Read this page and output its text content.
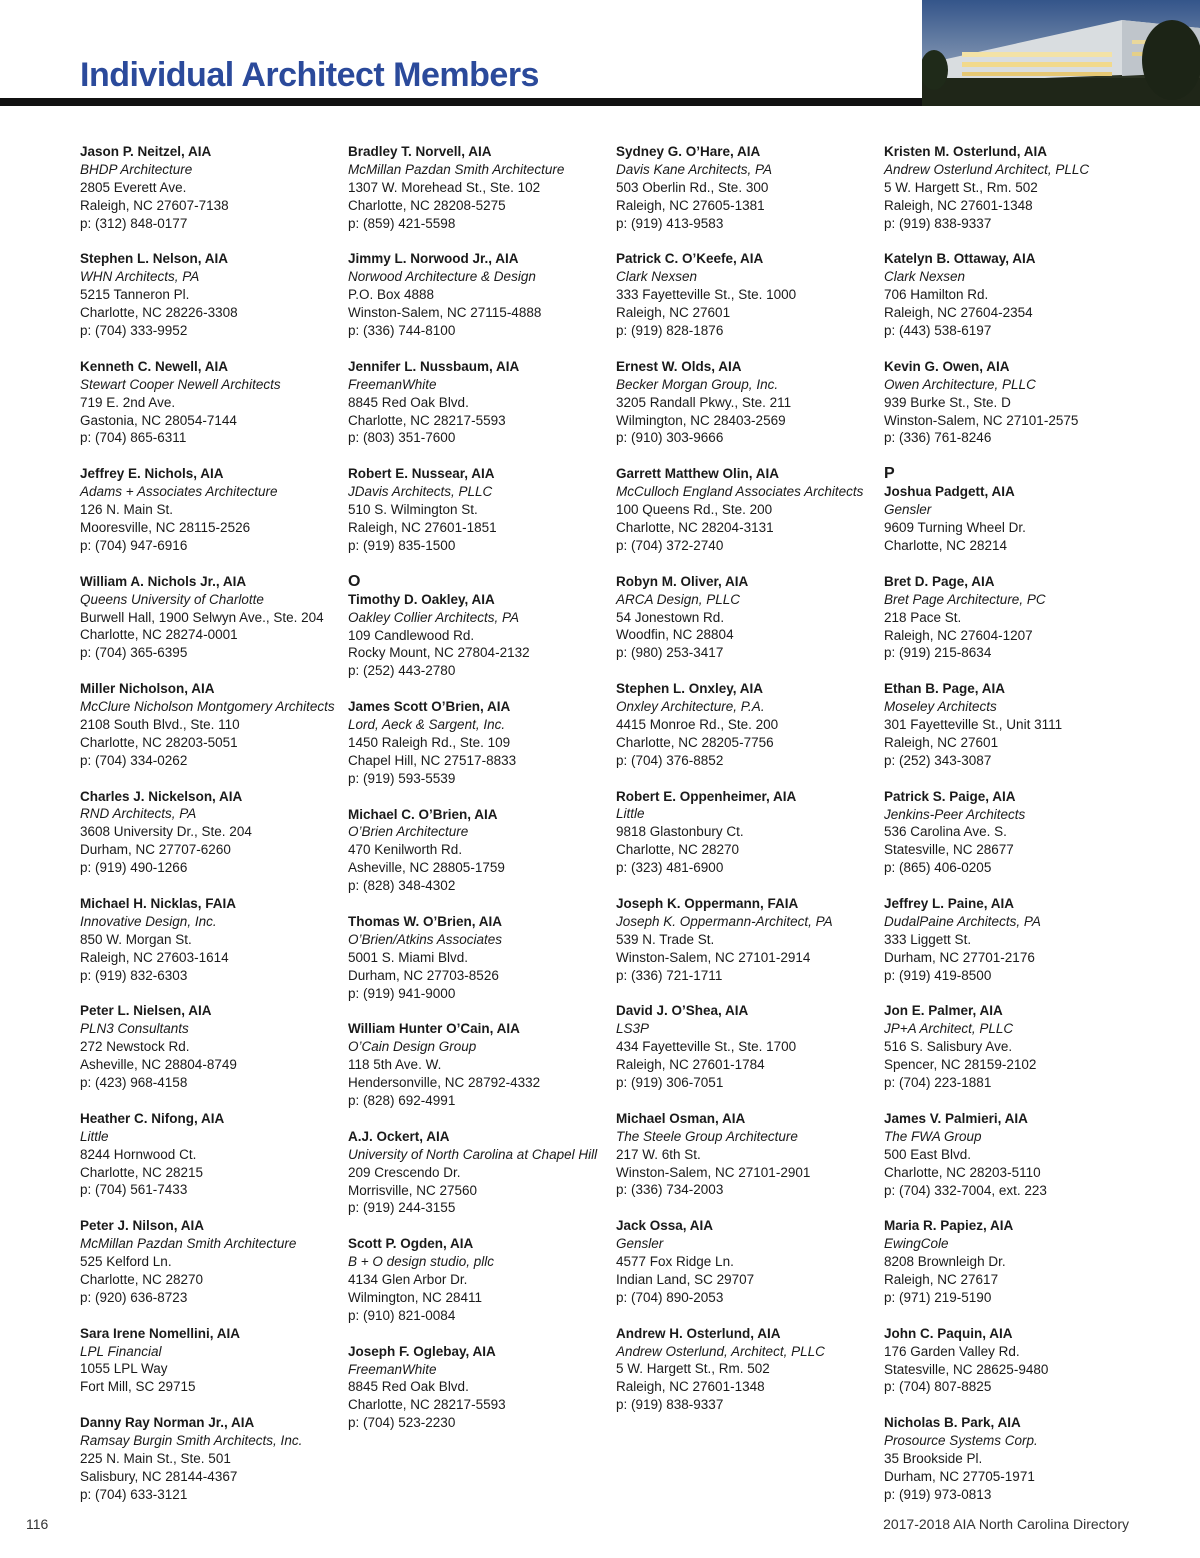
Individual Architect Members
Jason P. Neitzel, AIA
BHDP Architecture
2805 Everett Ave.
Raleigh, NC 27607-7138
p: (312) 848-0177
Stephen L. Nelson, AIA
WHN Architects, PA
5215 Tanneron Pl.
Charlotte, NC 28226-3308
p: (704) 333-9952
Kenneth C. Newell, AIA
Stewart Cooper Newell Architects
719 E. 2nd Ave.
Gastonia, NC 28054-7144
p: (704) 865-6311
Jeffrey E. Nichols, AIA
Adams + Associates Architecture
126 N. Main St.
Mooresville, NC 28115-2526
p: (704) 947-6916
William A. Nichols Jr., AIA
Queens University of Charlotte
Burwell Hall, 1900 Selwyn Ave., Ste. 204
Charlotte, NC 28274-0001
p: (704) 365-6395
Miller Nicholson, AIA
McClure Nicholson Montgomery Architects
2108 South Blvd., Ste. 110
Charlotte, NC 28203-5051
p: (704) 334-0262
Charles J. Nickelson, AIA
RND Architects, PA
3608 University Dr., Ste. 204
Durham, NC 27707-6260
p: (919) 490-1266
Michael H. Nicklas, FAIA
Innovative Design, Inc.
850 W. Morgan St.
Raleigh, NC 27603-1614
p: (919) 832-6303
Peter L. Nielsen, AIA
PLN3 Consultants
272 Newstock Rd.
Asheville, NC 28804-8749
p: (423) 968-4158
Heather C. Nifong, AIA
Little
8244 Hornwood Ct.
Charlotte, NC 28215
p: (704) 561-7433
Peter J. Nilson, AIA
McMillan Pazdan Smith Architecture
525 Kelford Ln.
Charlotte, NC 28270
p: (920) 636-8723
Sara Irene Nomellini, AIA
LPL Financial
1055 LPL Way
Fort Mill, SC 29715
Danny Ray Norman Jr., AIA
Ramsay Burgin Smith Architects, Inc.
225 N. Main St., Ste. 501
Salisbury, NC 28144-4367
p: (704) 633-3121
Bradley T. Norvell, AIA
McMillan Pazdan Smith Architecture
1307 W. Morehead St., Ste. 102
Charlotte, NC 28208-5275
p: (859) 421-5598
Jimmy L. Norwood Jr., AIA
Norwood Architecture & Design
P.O. Box 4888
Winston-Salem, NC 27115-4888
p: (336) 744-8100
Jennifer L. Nussbaum, AIA
FreemanWhite
8845 Red Oak Blvd.
Charlotte, NC 28217-5593
p: (803) 351-7600
Robert E. Nussear, AIA
JDavis Architects, PLLC
510 S. Wilmington St.
Raleigh, NC 27601-1851
p: (919) 835-1500
O
Timothy D. Oakley, AIA
Oakley Collier Architects, PA
109 Candlewood Rd.
Rocky Mount, NC 27804-2132
p: (252) 443-2780
James Scott O’Brien, AIA
Lord, Aeck & Sargent, Inc.
1450 Raleigh Rd., Ste. 109
Chapel Hill, NC 27517-8833
p: (919) 593-5539
Michael C. O’Brien, AIA
O’Brien Architecture
470 Kenilworth Rd.
Asheville, NC 28805-1759
p: (828) 348-4302
Thomas W. O’Brien, AIA
O’Brien/Atkins Associates
5001 S. Miami Blvd.
Durham, NC 27703-8526
p: (919) 941-9000
William Hunter O’Cain, AIA
O’Cain Design Group
118 5th Ave. W.
Hendersonville, NC 28792-4332
p: (828) 692-4991
A.J. Ockert, AIA
University of North Carolina at Chapel Hill
209 Crescendo Dr.
Morrisville, NC 27560
p: (919) 244-3155
Scott P. Ogden, AIA
B + O design studio, pllc
4134 Glen Arbor Dr.
Wilmington, NC 28411
p: (910) 821-0084
Joseph F. Oglebay, AIA
FreemanWhite
8845 Red Oak Blvd.
Charlotte, NC 28217-5593
p: (704) 523-2230
Sydney G. O’Hare, AIA
Davis Kane Architects, PA
503 Oberlin Rd., Ste. 300
Raleigh, NC 27605-1381
p: (919) 413-9583
Patrick C. O’Keefe, AIA
Clark Nexsen
333 Fayetteville St., Ste. 1000
Raleigh, NC 27601
p: (919) 828-1876
Ernest W. Olds, AIA
Becker Morgan Group, Inc.
3205 Randall Pkwy., Ste. 211
Wilmington, NC 28403-2569
p: (910) 303-9666
Garrett Matthew Olin, AIA
McCulloch England Associates Architects
100 Queens Rd., Ste. 200
Charlotte, NC 28204-3131
p: (704) 372-2740
Robyn M. Oliver, AIA
ARCA Design, PLLC
54 Jonestown Rd.
Woodfin, NC 28804
p: (980) 253-3417
Stephen L. Onxley, AIA
Onxley Architecture, P.A.
4415 Monroe Rd., Ste. 200
Charlotte, NC 28205-7756
p: (704) 376-8852
Robert E. Oppenheimer, AIA
Little
9818 Glastonbury Ct.
Charlotte, NC 28270
p: (323) 481-6900
Joseph K. Oppermann, FAIA
Joseph K. Oppermann-Architect, PA
539 N. Trade St.
Winston-Salem, NC 27101-2914
p: (336) 721-1711
David J. O’Shea, AIA
LS3P
434 Fayetteville St., Ste. 1700
Raleigh, NC 27601-1784
p: (919) 306-7051
Michael Osman, AIA
The Steele Group Architecture
217 W. 6th St.
Winston-Salem, NC 27101-2901
p: (336) 734-2003
Jack Ossa, AIA
Gensler
4577 Fox Ridge Ln.
Indian Land, SC 29707
p: (704) 890-2053
Andrew H. Osterlund, AIA
Andrew Osterlund, Architect, PLLC
5 W. Hargett St., Rm. 502
Raleigh, NC 27601-1348
p: (919) 838-9337
Kristen M. Osterlund, AIA
Andrew Osterlund Architect, PLLC
5 W. Hargett St., Rm. 502
Raleigh, NC 27601-1348
p: (919) 838-9337
Katelyn B. Ottaway, AIA
Clark Nexsen
706 Hamilton Rd.
Raleigh, NC 27604-2354
p: (443) 538-6197
Kevin G. Owen, AIA
Owen Architecture, PLLC
939 Burke St., Ste. D
Winston-Salem, NC 27101-2575
p: (336) 761-8246
P
Joshua Padgett, AIA
Gensler
9609 Turning Wheel Dr.
Charlotte, NC 28214
Bret D. Page, AIA
Bret Page Architecture, PC
218 Pace St.
Raleigh, NC 27604-1207
p: (919) 215-8634
Ethan B. Page, AIA
Moseley Architects
301 Fayetteville St., Unit 3111
Raleigh, NC 27601
p: (252) 343-3087
Patrick S. Paige, AIA
Jenkins-Peer Architects
536 Carolina Ave. S.
Statesville, NC 28677
p: (865) 406-0205
Jeffrey L. Paine, AIA
DudalPaine Architects, PA
333 Liggett St.
Durham, NC 27701-2176
p: (919) 419-8500
Jon E. Palmer, AIA
JP+A Architect, PLLC
516 S. Salisbury Ave.
Spencer, NC 28159-2102
p: (704) 223-1881
James V. Palmieri, AIA
The FWA Group
500 East Blvd.
Charlotte, NC 28203-5110
p: (704) 332-7004, ext. 223
Maria R. Papiez, AIA
EwingCole
8208 Brownleigh Dr.
Raleigh, NC 27617
p: (971) 219-5190
John C. Paquin, AIA
176 Garden Valley Rd.
Statesville, NC 28625-9480
p: (704) 807-8825
Nicholas B. Park, AIA
Prosource Systems Corp.
35 Brookside Pl.
Durham, NC 27705-1971
p: (919) 973-0813
116	2017-2018 AIA North Carolina Directory
